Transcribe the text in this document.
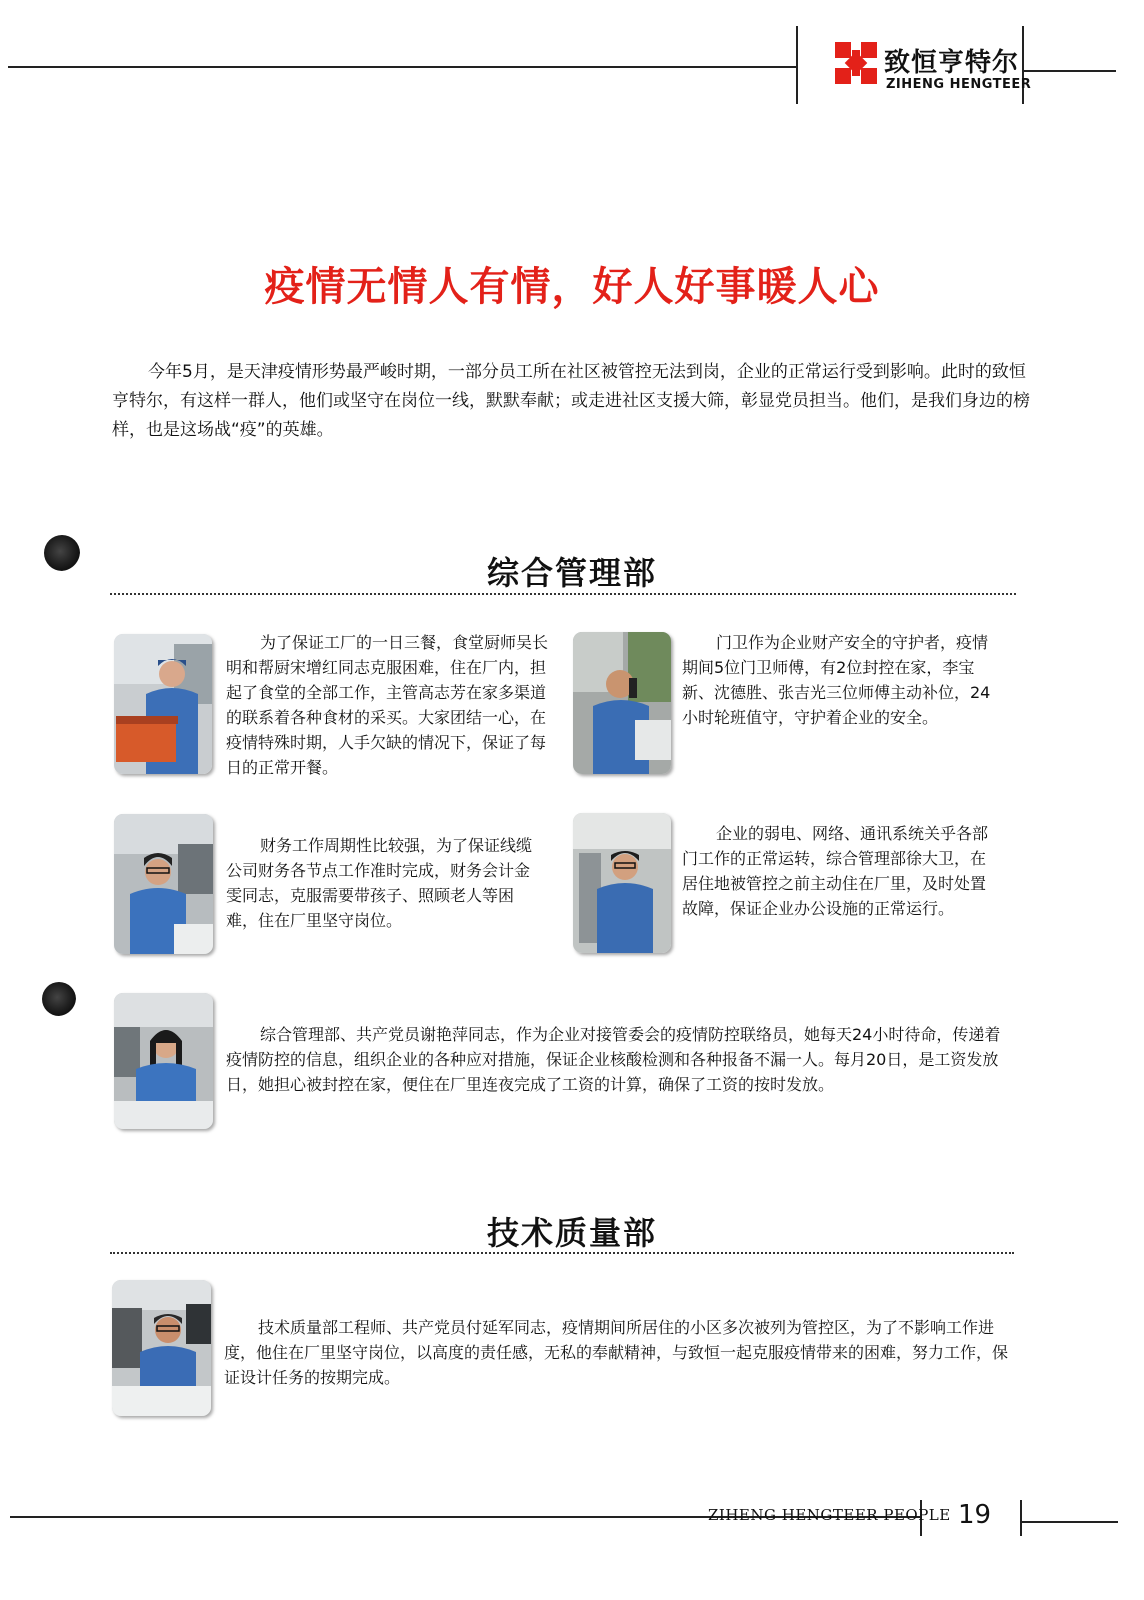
致恒亨特尔
ZIHENG HENGTEER
疫情无情人有情，好人好事暖人心
今年5月，是天津疫情形势最严峻时期，一部分员工所在社区被管控无法到岗，企业的正常运行受到影响。此时的致恒亨特尔，有这样一群人，他们或坚守在岗位一线，默默奉献；或走进社区支援大筛，彰显党员担当。他们，是我们身边的榜样，也是这场战“疫”的英雄。
综合管理部
为了保证工厂的一日三餐，食堂厨师吴长明和帮厨宋增红同志克服困难，住在厂内，担起了食堂的全部工作，主管高志芳在家多渠道的联系着各种食材的采买。大家团结一心，在疫情特殊时期，人手欠缺的情况下，保证了每日的正常开餐。
门卫作为企业财产安全的守护者，疫情期间5位门卫师傅，有2位封控在家，李宝新、沈德胜、张吉光三位师傅主动补位，24小时轮班值守，守护着企业的安全。
财务工作周期性比较强，为了保证线缆公司财务各节点工作准时完成，财务会计金雯同志，克服需要带孩子、照顾老人等困难，住在厂里坚守岗位。
企业的弱电、网络、通讯系统关乎各部门工作的正常运转，综合管理部徐大卫，在居住地被管控之前主动住在厂里，及时处置故障，保证企业办公设施的正常运行。
综合管理部、共产党员谢艳萍同志，作为企业对接管委会的疫情防控联络员，她每天24小时待命，传递着疫情防控的信息，组织企业的各种应对措施，保证企业核酸检测和各种报备不漏一人。每月20日，是工资发放日，她担心被封控在家，便住在厂里连夜完成了工资的计算，确保了工资的按时发放。
技术质量部
技术质量部工程师、共产党员付延军同志，疫情期间所居住的小区多次被列为管控区，为了不影响工作进度，他住在厂里坚守岗位，以高度的责任感，无私的奉献精神，与致恒一起克服疫情带来的困难，努力工作，保证设计任务的按期完成。
ZIHENG HENGTEER PEOPLE 19
